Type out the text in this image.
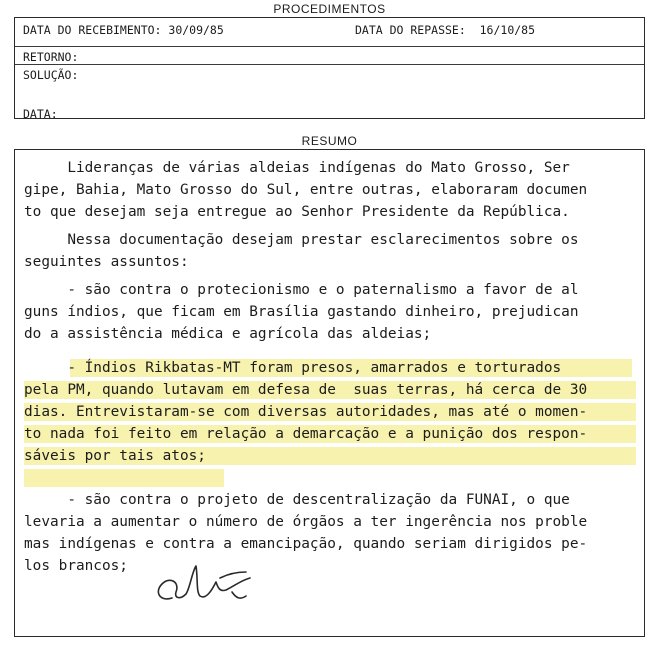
PROCEDIMENTOS
DATA DO RECEBIMENTO: 30/09/85	DATA DO REPASSE:  16/10/85
RETORNO:
SOLUÇÃO:
DATA:
RESUMO
Lideranças de várias aldeias indígenas do Mato Grosso, Ser
gipe, Bahia, Mato Grosso do Sul, entre outras, elaboraram documen
to que desejam seja entregue ao Senhor Presidente da República.
Nessa documentação desejam prestar esclarecimentos sobre os
seguintes assuntos:
- são contra o protecionismo e o paternalismo a favor de al
guns índios, que ficam em Brasília gastando dinheiro, prejudican
do a assistência médica e agrícola das aldeias;
- Índios Rikbatas-MT foram presos, amarrados e torturados
pela PM, quando lutavam em defesa de  suas terras, há cerca de 30
dias. Entrevistaram-se com diversas autoridades, mas até o momen-
to nada foi feito em relação a demarcação e a punição dos respon-
sáveis por tais atos;
- são contra o projeto de descentralização da FUNAI, o que
levaria a aumentar o número de órgãos a ter ingerência nos proble
mas indígenas e contra a emancipação, quando seriam dirigidos pe-
los brancos;
